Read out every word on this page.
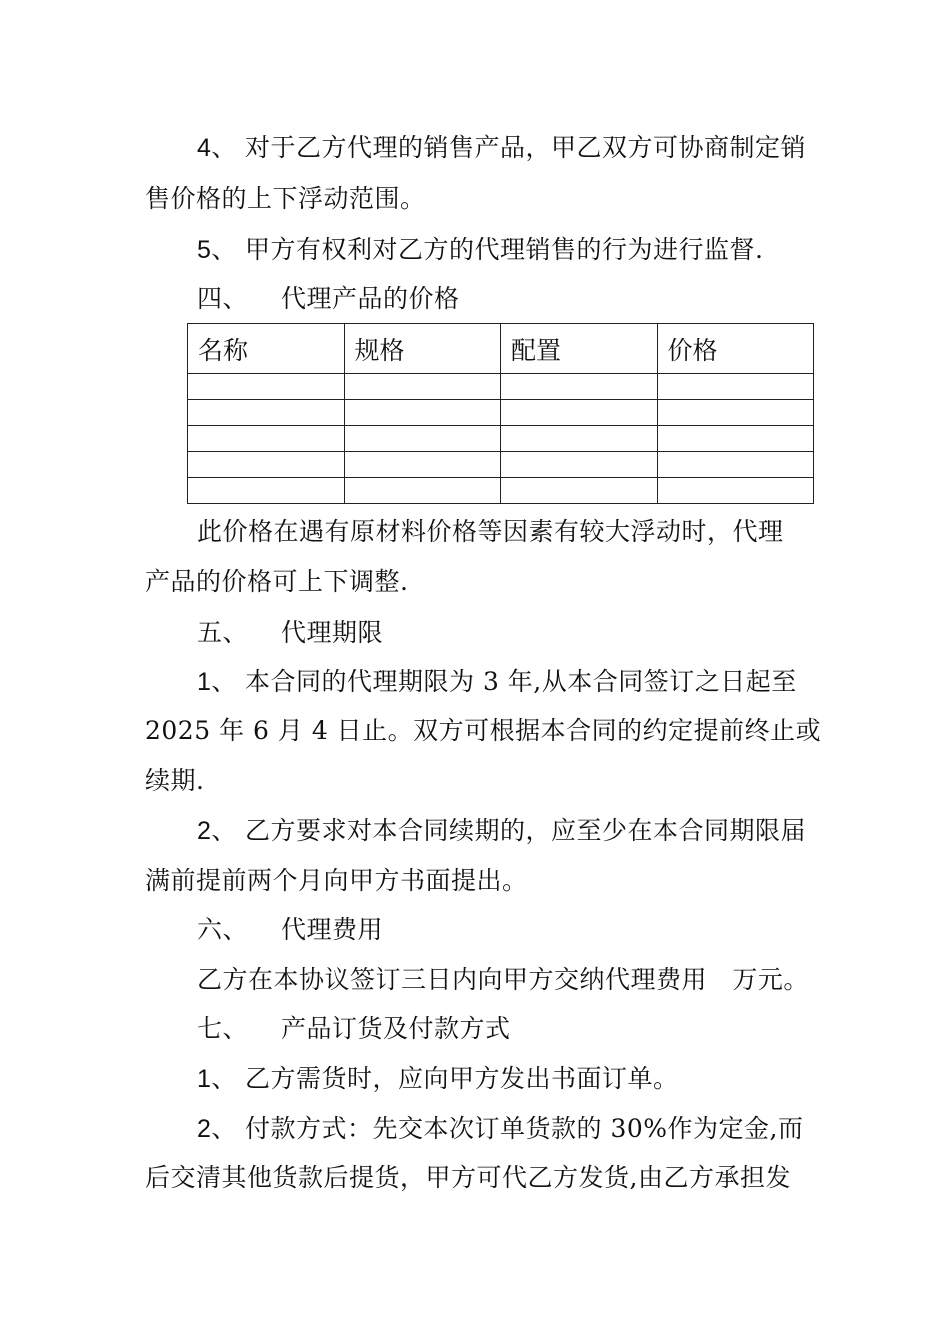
4、 对于乙方代理的销售产品，甲乙双方可协商制定销
售价格的上下浮动范围。
5、 甲方有权利对乙方的代理销售的行为进行监督.
四、 代理产品的价格
名称	规格	配置	价格

此价格在遇有原材料价格等因素有较大浮动时，代理
产品的价格可上下调整.
五、 代理期限
1、 本合同的代理期限为 3 年,从本合同签订之日起至
2025 年 6 月 4 日止。双方可根据本合同的约定提前终止或
续期.
2、 乙方要求对本合同续期的，应至少在本合同期限届
满前提前两个月向甲方书面提出。
六、 代理费用
乙方在本协议签订三日内向甲方交纳代理费用   万元。
七、 产品订货及付款方式
1、 乙方需货时，应向甲方发出书面订单。
2、 付款方式：先交本次订单货款的 30%作为定金,而
后交清其他货款后提货，甲方可代乙方发货,由乙方承担发
